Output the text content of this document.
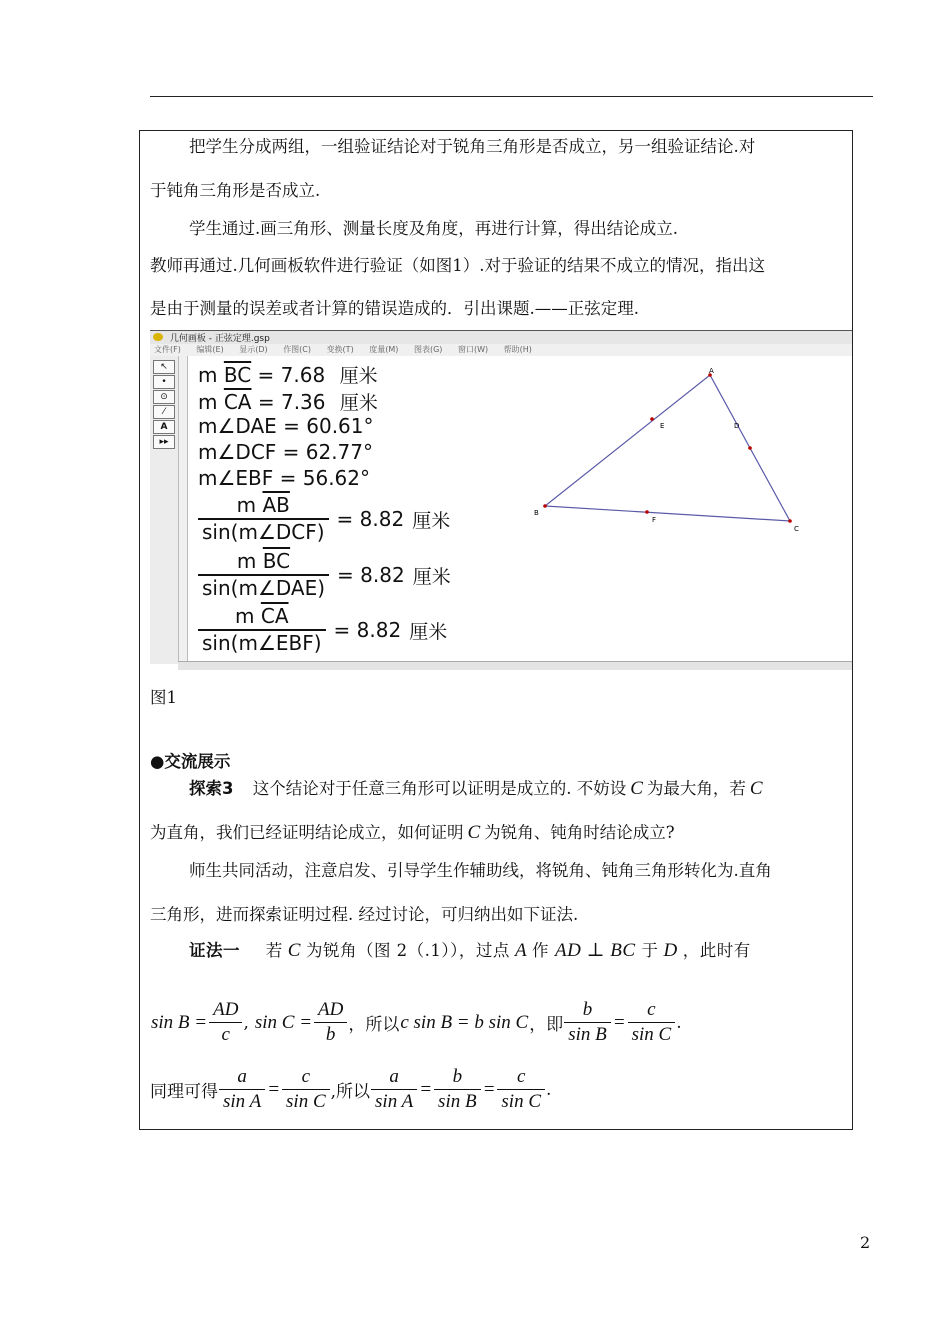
把学生分成两组，一组验证结论对于锐角三角形是否成立，另一组验证结论.对
于钝角三角形是否成立.
学生通过.画三角形、测量长度及角度，再进行计算，得出结论成立.
教师再通过.几何画板软件进行验证（如图1）.对于验证的结果不成立的情况，指出这
是由于测量的误差或者计算的错误造成的．引出课题.——正弦定理.
几何画板 - 正弦定理.gsp
文件(F) 编辑(E) 显示(D) 作图(C) 变换(T) 度量(M) 图表(G) 窗口(W) 帮助(H)
↖
•
⊙
⁄
A
▸▸
m $\overline{BC} = 7.68$ 厘米
m $\overline{CA} = 7.36$ 厘米
m∠DAE = 60.61°
m∠DCF = 62.77°
m∠EBF = 56.62°
m $\overline{AB}$
sin(m∠DCF)
= 8.82 厘米
m $\overline{BC}$
sin(m∠DAE)
= 8.82 厘米
m $\overline{CA}$
sin(m∠EBF)
= 8.82 厘米
A
B
C
D
E
F
图1
●交流展示
探索3 这个结论对于任意三角形可以证明是成立的. 不妨设 C 为最大角，若 C
为直角，我们已经证明结论成立，如何证明 C 为锐角、钝角时结论成立?
师生共同活动，注意启发、引导学生作辅助线，将锐角、钝角三角形转化为.直角
三角形，进而探索证明过程. 经过讨论，可归纳出如下证法.
证法一 若 C 为锐角（图 2（.1）），过点 A 作 AD ⊥ BC 于 D ，此时有
$\sin B = \frac{AD}{c}$ , $\sin C = \frac{AD}{b}$ ，所以 c sin B = b sin C ，即 $\frac{b}{\text{sin B}} = \frac{c}{\text{sin C}}$ .
同理可得 $\frac{a}{\text{sin A}} = \frac{c}{\text{sin C}}$ ,所以 $\frac{a}{\text{sin A}} = \frac{b}{\text{sin B}} = \frac{c}{\text{sin C}}$ .
2
